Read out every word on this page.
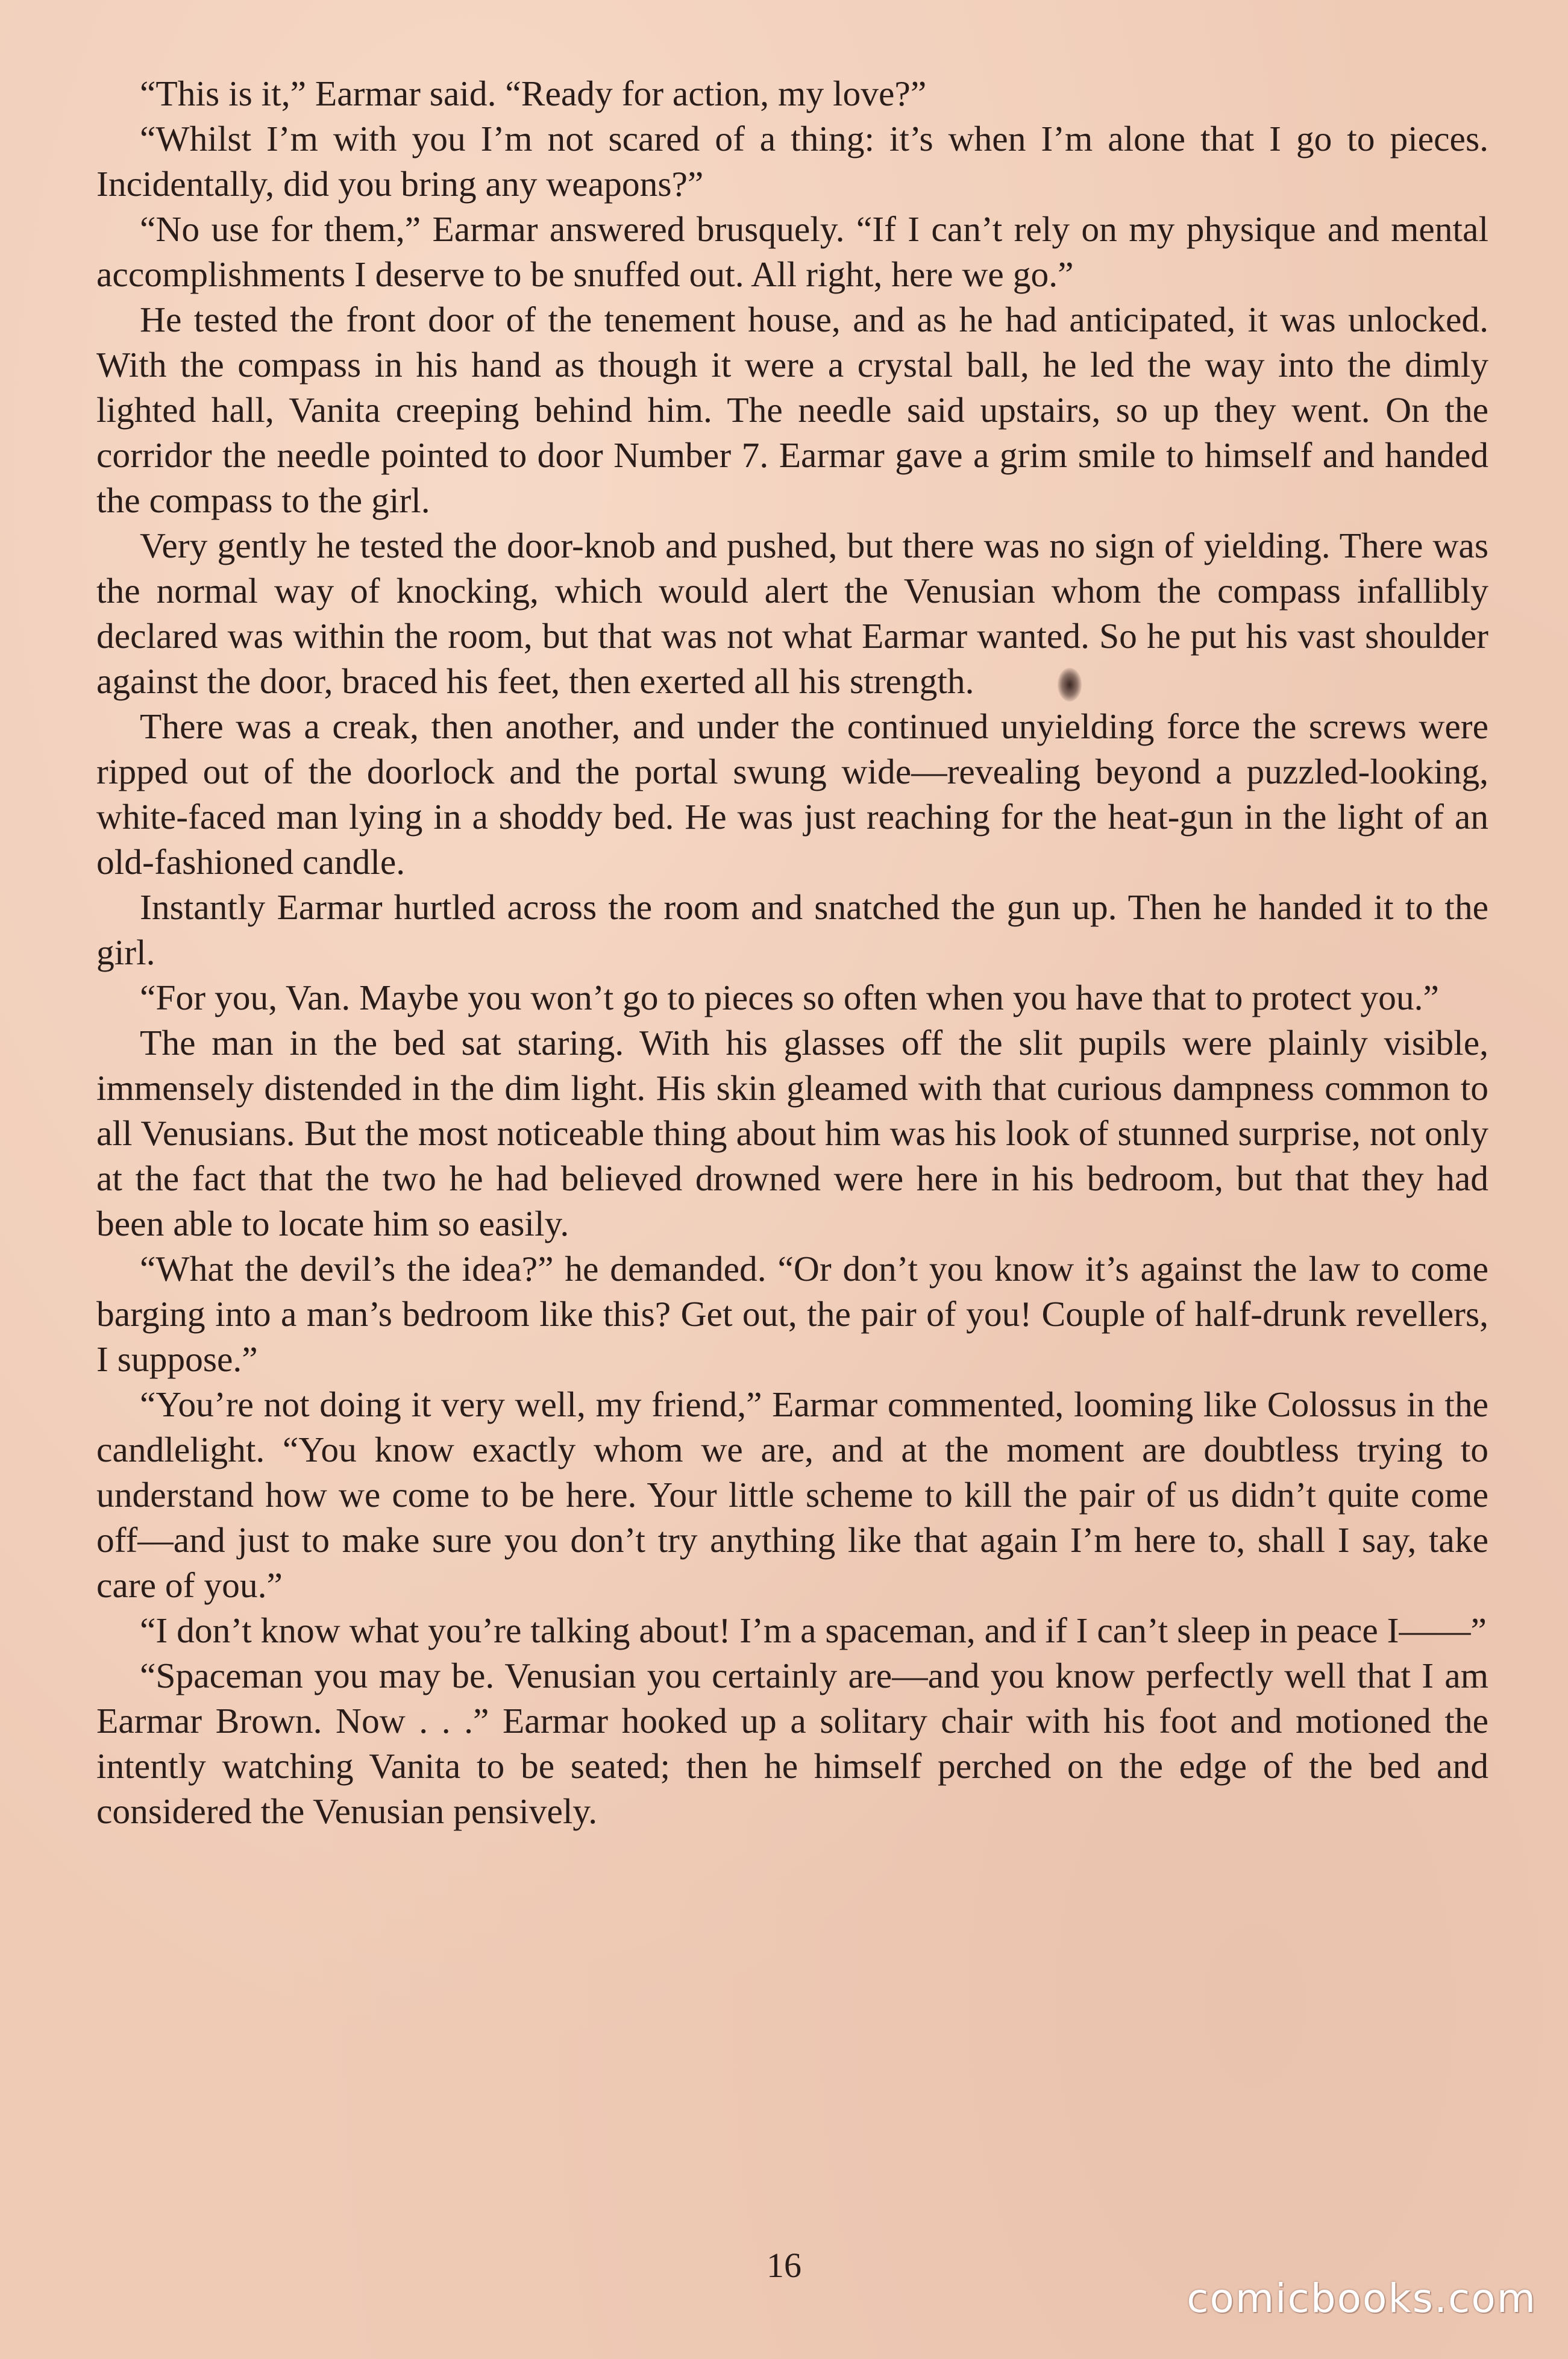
“This is it,” Earmar said. “Ready for action, my love?”

“Whilst I’m with you I’m not scared of a thing: it’s when I’m alone that I go to pieces. Incidentally, did you bring any weapons?”

“No use for them,” Earmar answered brusquely. “If I can’t rely on my physique and mental accomplishments I deserve to be snuffed out. All right, here we go.”

He tested the front door of the tenement house, and as he had anticipated, it was unlocked. With the compass in his hand as though it were a crystal ball, he led the way into the dimly lighted hall, Vanita creeping behind him. The needle said upstairs, so up they went. On the corridor the needle pointed to door Number 7. Earmar gave a grim smile to himself and handed the compass to the girl.

Very gently he tested the door-knob and pushed, but there was no sign of yielding. There was the normal way of knocking, which would alert the Venusian whom the compass infallibly declared was within the room, but that was not what Earmar wanted. So he put his vast shoulder against the door, braced his feet, then exerted all his strength.

There was a creak, then another, and under the continued unyielding force the screws were ripped out of the doorlock and the portal swung wide—revealing beyond a puzzled-looking, white-faced man lying in a shoddy bed. He was just reaching for the heat-gun in the light of an old-fashioned candle.

Instantly Earmar hurtled across the room and snatched the gun up. Then he handed it to the girl.

“For you, Van. Maybe you won’t go to pieces so often when you have that to protect you.”

The man in the bed sat staring. With his glasses off the slit pupils were plainly visible, immensely distended in the dim light. His skin gleamed with that curious dampness common to all Venusians. But the most noticeable thing about him was his look of stunned surprise, not only at the fact that the two he had believed drowned were here in his bedroom, but that they had been able to locate him so easily.

“What the devil’s the idea?” he demanded. “Or don’t you know it’s against the law to come barging into a man’s bedroom like this? Get out, the pair of you! Couple of half-drunk revellers, I suppose.”

“You’re not doing it very well, my friend,” Earmar commented, looming like Colossus in the candlelight. “You know exactly whom we are, and at the moment are doubtless trying to understand how we come to be here. Your little scheme to kill the pair of us didn’t quite come off—and just to make sure you don’t try anything like that again I’m here to, shall I say, take care of you.”

“I don’t know what you’re talking about! I’m a spaceman, and if I can’t sleep in peace I——”

“Spaceman you may be. Venusian you certainly are—and you know perfectly well that I am Earmar Brown. Now . . .” Earmar hooked up a solitary chair with his foot and motioned the intently watching Vanita to be seated; then he himself perched on the edge of the bed and considered the Venusian pensively.

16
comicbooks.com
